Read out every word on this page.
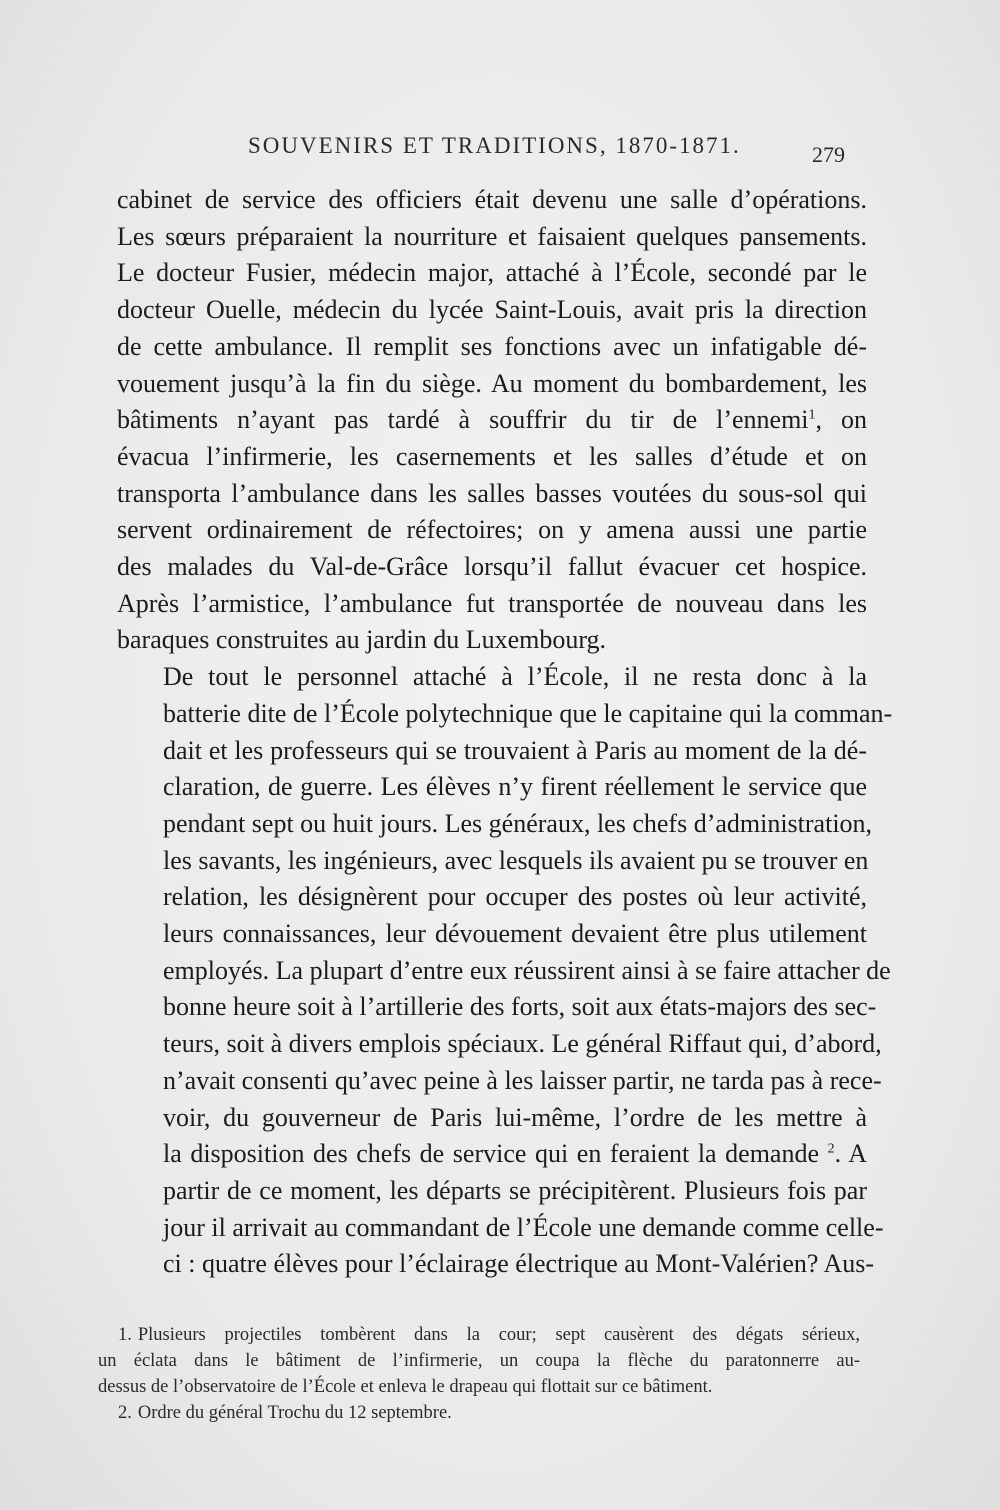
SOUVENIRS ET TRADITIONS, 1870-1871.	279

cabinet de service des officiers était devenu une salle d’opérations.
Les sœurs préparaient la nourriture et faisaient quelques pansements.
Le docteur Fusier, médecin major, attaché à l’École, secondé par le
docteur Ouelle, médecin du lycée Saint-Louis, avait pris la direction
de cette ambulance. Il remplit ses fonctions avec un infatigable dé-
vouement jusqu’à la fin du siège. Au moment du bombardement, les
bâtiments n’ayant pas tardé à souffrir du tir de l’ennemi$^1$, on
évacua l’infirmerie, les casernements et les salles d’étude et on
transporta l’ambulance dans les salles basses voutées du sous-sol qui
servent ordinairement de réfectoires; on y amena aussi une partie
des malades du Val-de-Grâce lorsqu’il fallut évacuer cet hospice.
Après l’armistice, l’ambulance fut transportée de nouveau dans les
baraques construites au jardin du Luxembourg.

De tout le personnel attaché à l’École, il ne resta donc à la
batterie dite de l’École polytechnique que le capitaine qui la comman-
dait et les professeurs qui se trouvaient à Paris au moment de la dé-
claration, de guerre. Les élèves n’y firent réellement le service que
pendant sept ou huit jours. Les généraux, les chefs d’administration,
les savants, les ingénieurs, avec lesquels ils avaient pu se trouver en
relation, les désignèrent pour occuper des postes où leur activité,
leurs connaissances, leur dévouement devaient être plus utilement
employés. La plupart d’entre eux réussirent ainsi à se faire attacher de
bonne heure soit à l’artillerie des forts, soit aux états-majors des sec-
teurs, soit à divers emplois spéciaux. Le général Riffaut qui, d’abord,
n’avait consenti qu’avec peine à les laisser partir, ne tarda pas à rece-
voir, du gouverneur de Paris lui-même, l’ordre de les mettre à
la disposition des chefs de service qui en feraient la demande $^2$. A
partir de ce moment, les départs se précipitèrent. Plusieurs fois par
jour il arrivait au commandant de l’École une demande comme celle-
ci : quatre élèves pour l’éclairage électrique au Mont-Valérien? Aus-

1. Plusieurs projectiles tombèrent dans la cour; sept causèrent des dégats sérieux,
un éclata dans le bâtiment de l’infirmerie, un coupa la flèche du paratonnerre au-
dessus de l’observatoire de l’École et enleva le drapeau qui flottait sur ce bâtiment.
2. Ordre du général Trochu du 12 septembre.
